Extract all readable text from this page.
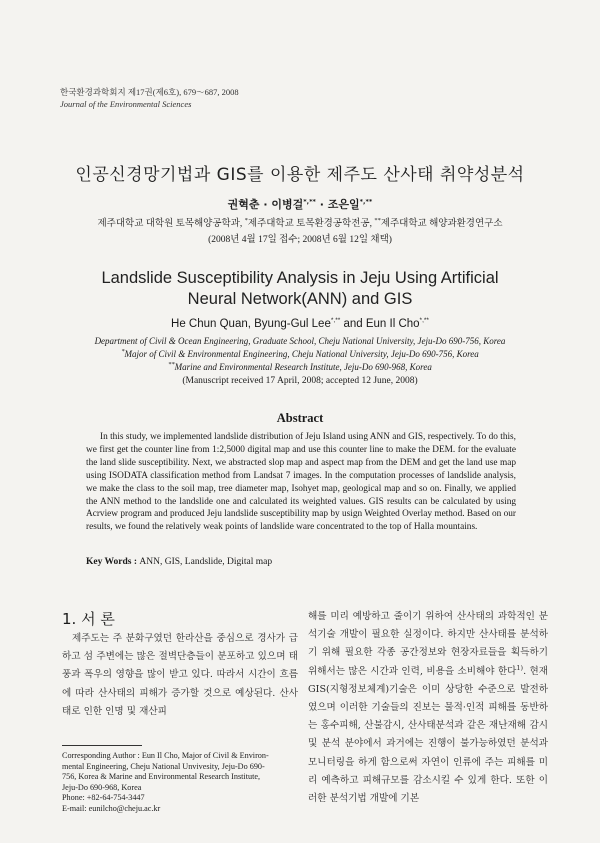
한국환경과학회지 제17권(제6호), 679～687, 2008
Journal of the Environmental Sciences
인공신경망기법과 GIS를 이용한 제주도 산사태 취약성분석
권혁춘 · 이병걸*,** · 조은일*,**
제주대학교 대학원 토목해양공학과, *제주대학교 토목환경공학전공, **제주대학교 해양과환경연구소
(2008년 4월 17일 접수; 2008년 6월 12일 채택)
Landslide Susceptibility Analysis in Jeju Using Artificial
Neural Network(ANN) and GIS
He Chun Quan, Byung-Gul Lee*,** and Eun Il Cho*,**
Department of Civil & Ocean Engineering, Graduate School, Cheju National University, Jeju-Do 690-756, Korea
*Major of Civil & Environmental Engineering, Cheju National University, Jeju-Do 690-756, Korea
**Marine and Environmental Research Institute, Jeju-Do 690-968, Korea
(Manuscript received 17 April, 2008; accepted 12 June, 2008)
Abstract

In this study, we implemented landslide distribution of Jeju Island using ANN and GIS, respectively. To do this, we first get the counter line from 1:2,5000 digital map and use this counter line to make the DEM. for the evaluate the land slide susceptibility. Next, we abstracted slop map and aspect map from the DEM and get the land use map using ISODATA classification method from Landsat 7 images. In the computation processes of landslide analysis, we make the class to the soil map, tree diameter map, Isohyet map, geological map and so on. Finally, we applied the ANN method to the landslide one and calculated its weighted values. GIS results can be calculated by using Acrview program and produced Jeju landslide susceptibility map by usign Weighted Overlay method. Based on our results, we found the relatively weak points of landslide ware concentrated to the top of Halla mountains.

Key Words : ANN, GIS, Landslide, Digital map
1. 서 론
제주도는 주 분화구였던 한라산을 중심으로 경사가 급하고 섬 주변에는 많은 절벽단층들이 분포하고 있으며 태풍과 폭우의 영향을 많이 받고 있다. 따라서 시간이 흐름에 따라 산사태의 피해가 증가할 것으로 예상된다. 산사태로 인한 인명 및 재산피
해를 미리 예방하고 줄이기 위하여 산사태의 과학적인 분석기술 개발이 필요한 실정이다. 하지만 산사태를 분석하기 위해 필요한 각종 공간정보와 현장자료들을 획득하기 위해서는 많은 시간과 인력, 비용을 소비해야 한다$^{1)}$. 현재 GIS(지형정보체계)기술은 이미 상당한 수준으로 발전하였으며 이러한 기술들의 진보는 물적·인적 피해를 동반하는 홍수피해, 산불감시, 산사태분석과 같은 재난재해 감시 및 분석 분야에서 과거에는 진행이 불가능하였던 분석과 모니터링을 하게 함으로써 자연이 인류에 주는 피해를 미리 예측하고 피해규모를 감소시킬 수 있게 한다. 또한 이러한 분석기법 개발에 기본
Corresponding Author : Eun Il Cho, Major of Civil & Environ-
mental Engineering, Cheju National Unvivesity, Jeju-Do 690-
756, Korea & Marine and Environmental Research Institute,
Jeju-Do 690-968, Korea
Phone: +82-64-754-3447
E-mail: eunilcho@cheju.ac.kr
